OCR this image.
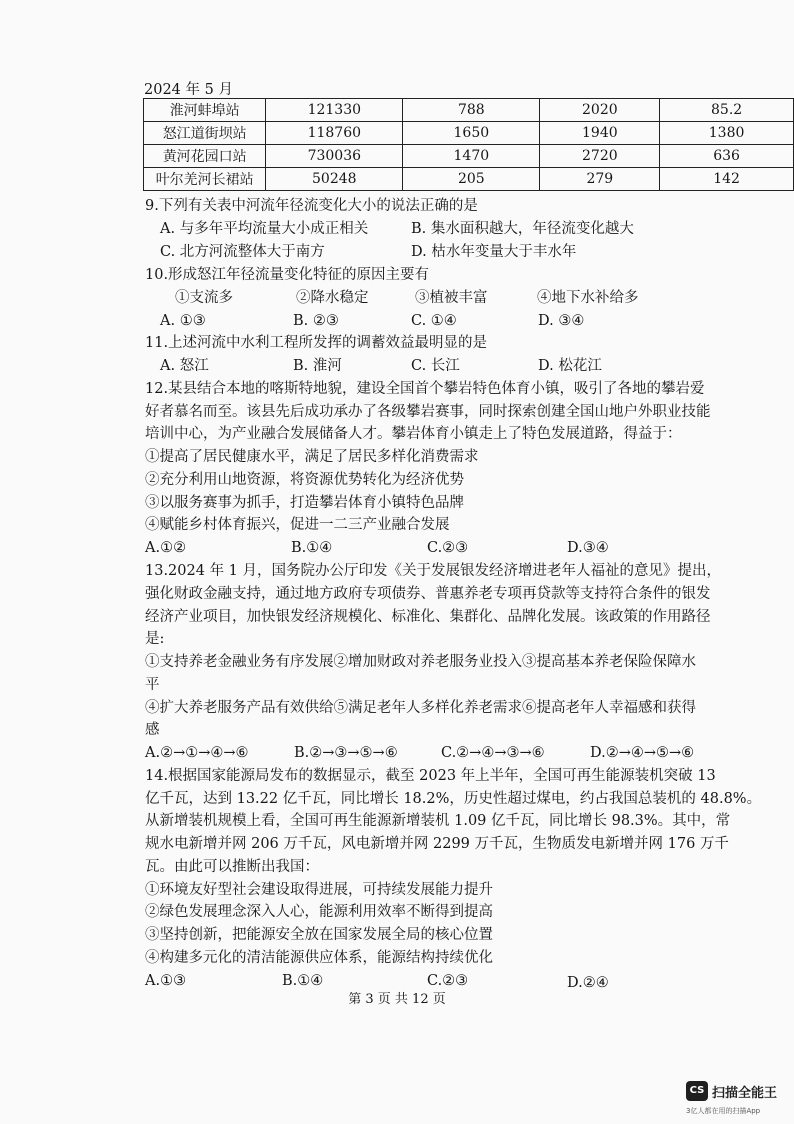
2024 年 5 月
淮河蚌埠站	121330	788	2020	85.2
怒江道街坝站	118760	1650	1940	1380
黄河花园口站	730036	1470	2720	636
叶尔羌河长裙站	50248	205	279	142
9.下列有关表中河流年径流变化大小的说法正确的是
A. 与多年平均流量大小成正相关	B. 集水面积越大，年径流变化越大
C. 北方河流整体大于南方	D. 枯水年变量大于丰水年
10.形成怒江年径流量变化特征的原因主要有
①支流多	②降水稳定	③植被丰富	④地下水补给多
A. ①③	B. ②③	C. ①④	D. ③④
11.上述河流中水利工程所发挥的调蓄效益最明显的是
A. 怒江	B. 淮河	C. 长江	D. 松花江
12.某县结合本地的喀斯特地貌，建设全国首个攀岩特色体育小镇，吸引了各地的攀岩爱
好者慕名而至。该县先后成功承办了各级攀岩赛事，同时探索创建全国山地户外职业技能
培训中心，为产业融合发展储备人才。攀岩体育小镇走上了特色发展道路，得益于：
①提高了居民健康水平，满足了居民多样化消费需求
②充分利用山地资源，将资源优势转化为经济优势
③以服务赛事为抓手，打造攀岩体育小镇特色品牌
④赋能乡村体育振兴，促进一二三产业融合发展
A.①②	B.①④	C.②③	D.③④
13.2024 年 1 月，国务院办公厅印发《关于发展银发经济增进老年人福祉的意见》提出，
强化财政金融支持，通过地方政府专项债券、普惠养老专项再贷款等支持符合条件的银发
经济产业项目，加快银发经济规模化、标准化、集群化、品牌化发展。该政策的作用路径
是:
①支持养老金融业务有序发展②增加财政对养老服务业投入③提高基本养老保险保障水
平
④扩大养老服务产品有效供给⑤满足老年人多样化养老需求⑥提高老年人幸福感和获得
感
A.②→①→④→⑥	B.②→③→⑤→⑥	C.②→④→③→⑥	D.②→④→⑤→⑥
14.根据国家能源局发布的数据显示，截至 2023 年上半年，全国可再生能源装机突破 13
亿千瓦，达到 13.22 亿千瓦，同比增长 18.2%，历史性超过煤电，约占我国总装机的 48.8%。
从新增装机规模上看，全国可再生能源新增装机 1.09 亿千瓦，同比增长 98.3%。其中，常
规水电新增并网 206 万千瓦，风电新增并网 2299 万千瓦，生物质发电新增并网 176 万千
瓦。由此可以推断出我国：
①环境友好型社会建设取得进展，可持续发展能力提升
②绿色发展理念深入人心，能源利用效率不断得到提高
③坚持创新，把能源安全放在国家发展全局的核心位置
④构建多元化的清洁能源供应体系，能源结构持续优化
A.①③	B.①④	C.②③	D.②④
第 3 页 共 12 页
CS 扫描全能王
3亿人都在用的扫描App
